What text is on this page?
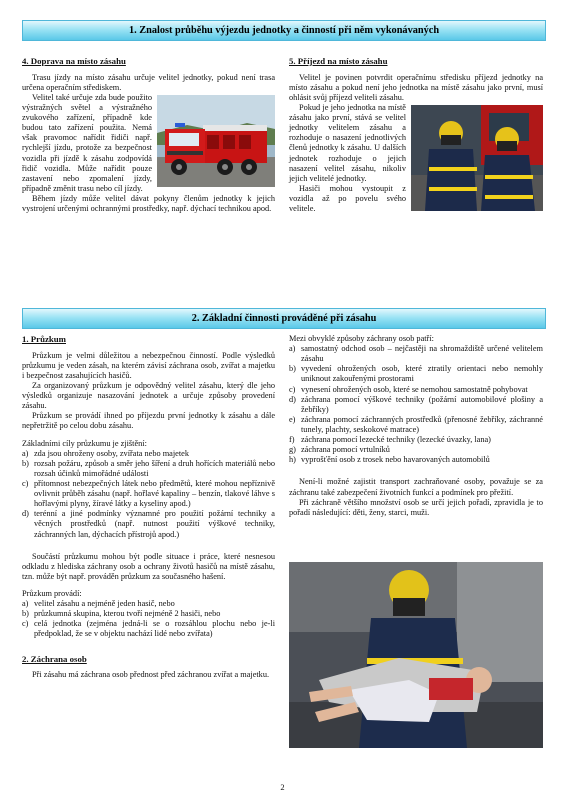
1. Znalost průběhu výjezdu jednotky a činností při něm vykonávaných
4. Doprava na místo zásahu

Trasu jízdy na místo zásahu určuje velitel jednotky, pokud není trasa určena operačním střediskem.

Velitel také určuje zda bude použito výstražných světel a výstražného zvukového zařízení, případně kde budou tato zařízení použita. Nemá však pravomoc nařídit řidiči např. rychlejší jízdu, protože za bezpečnost vozidla při jízdě k zásahu zodpovídá řidič vozidla. Může nařídit pouze zastavení nebo zpomalení jízdy, případně změnit trasu nebo cíl jízdy.

Během jízdy může velitel dávat pokyny členům jednotky k jejich vystrojení určenými ochrannými prostředky, např. dýchací technikou apod.

5. Příjezd na místo zásahu

Velitel je povinen potvrdit operačnímu středisku příjezd jednotky na místo zásahu a pokud není jeho jednotka na místě zásahu jako první, musí ohlásit svůj příjezd veliteli zásahu.

Pokud je jeho jednotka na místě zásahu jako první, stává se velitel jednotky velitelem zásahu a rozhoduje o nasazení jednotlivých členů jednotky k zásahu. U dalších jednotek rozhoduje o jejich nasazení velitel zásahu, nikoliv jejich velitelé jednotky.

Hasiči mohou vystoupit z vozidla až po povelu svého velitele.

2. Základní činnosti prováděné při zásahu
1. Průzkum

Průzkum je velmi důležitou a nebezpečnou činností. Podle výsledků průzkumu je veden zásah, na kterém závisí záchrana osob, zvířat a majetku i bezpečnost zasahujících hasičů.

Za organizovaný průzkum je odpovědný velitel zásahu, který dle jeho výsledků organizuje nasazování jednotek a určuje způsoby provedení zásahu.

Průzkum se provádí ihned po příjezdu první jednotky k zásahu a dále nepřetržitě po celou dobu zásahu.

Základními cíly průzkumu je zjištění:

a) zda jsou ohroženy osoby, zvířata nebo majetek
b) rozsah požáru, způsob a směr jeho šíření a druh hořících materiálů nebo rozsah účinků mimořádné události
c) přítomnost nebezpečných látek nebo předmětů, které mohou nepříznivě ovlivnit průběh zásahu (např. hořlavé kapaliny – benzín, tlakové láhve s hořlavými plyny, žíravé látky a kyseliny apod.)
d) terénní a jiné podmínky významné pro použití požární techniky a věcných prostředků (např. nutnost použití výškové techniky, záchranných lan, dýchacích přístrojů apod.)

Součástí průzkumu mohou být podle situace i práce, které nesnesou odkladu z hlediska záchrany osob a ochrany životů hasičů na místě zásahu, tzn. může být např. prováděn průzkum za současného hašení.

Průzkum provádí:

a) velitel zásahu a nejméně jeden hasič, nebo
b) průzkumná skupina, kterou tvoří nejméně 2 hasiči, nebo
c) celá jednotka (zejména jedná-li se o rozsáhlou plochu nebo je-li předpoklad, že se v objektu nachází lidé nebo zvířata)
2. Záchrana osob

Při zásahu má záchrana osob přednost před záchranou zvířat a majetku.

Mezi obvyklé způsoby záchrany osob patří:

a) samostatný odchod osob – nejčastěji na shromaždiště určené velitelem zásahu
b) vyvedení ohrožených osob, které ztratily orientaci nebo nemohly uniknout zakouřenými prostorami
c) vynesení ohrožených osob, které se nemohou samostatně pohybovat
d) záchrana pomocí výškové techniky (požární automobilové plošiny a žebříky)
e) záchrana pomocí záchranných prostředků (přenosné žebříky, záchranné tunely, plachty, seskokové matrace)
f) záchrana pomocí lezecké techniky (lezecké úvazky, lana)
g) záchrana pomocí vrtulníků
h) vyprošťění osob z trosek nebo havarovaných automobilů

Není-li možné zajistit transport zachraňované osoby, považuje se za záchranu také zabezpečení životních funkcí a podmínek pro přežití.

Při záchraně většího množství osob se určí jejich pořadí, zpravidla je to pořadí následující: děti, ženy, starci, muži.

2
